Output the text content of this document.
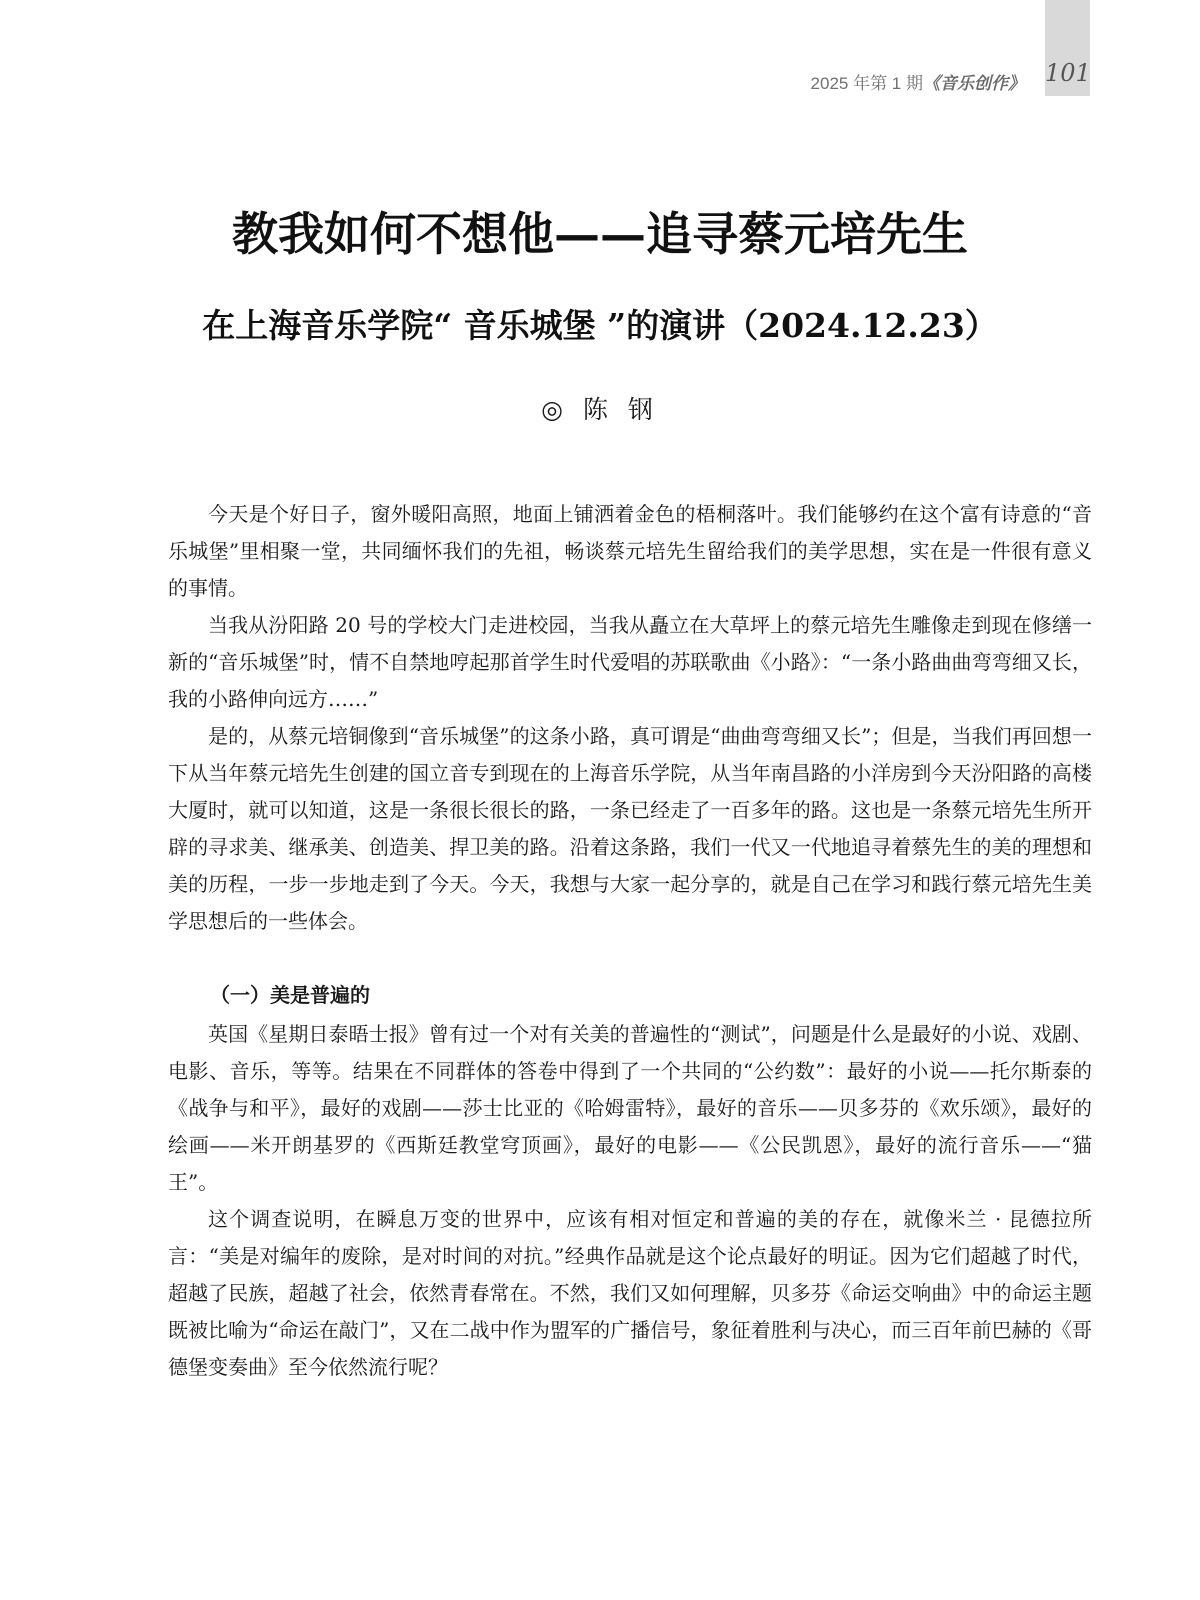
101
2025 年第 1 期《音乐创作》
教我如何不想他——追寻蔡元培先生
在上海音乐学院“ 音乐城堡 ”的演讲（2024.12.23）
◎ 陈 钢

今天是个好日子，窗外暖阳高照，地面上铺洒着金色的梧桐落叶。我们能够约在这个富有诗意的“音乐城堡”里相聚一堂，共同缅怀我们的先祖，畅谈蔡元培先生留给我们的美学思想，实在是一件很有意义的事情。

当我从汾阳路 20 号的学校大门走进校园，当我从矗立在大草坪上的蔡元培先生雕像走到现在修缮一新的“音乐城堡”时，情不自禁地哼起那首学生时代爱唱的苏联歌曲《小路》：“一条小路曲曲弯弯细又长，我的小路伸向远方……”

是的，从蔡元培铜像到“音乐城堡”的这条小路，真可谓是“曲曲弯弯细又长”；但是，当我们再回想一下从当年蔡元培先生创建的国立音专到现在的上海音乐学院，从当年南昌路的小洋房到今天汾阳路的高楼大厦时，就可以知道，这是一条很长很长的路，一条已经走了一百多年的路。这也是一条蔡元培先生所开辟的寻求美、继承美、创造美、捍卫美的路。沿着这条路，我们一代又一代地追寻着蔡先生的美的理想和美的历程，一步一步地走到了今天。今天，我想与大家一起分享的，就是自己在学习和践行蔡元培先生美学思想后的一些体会。

（一）美是普遍的

英国《星期日泰晤士报》曾有过一个对有关美的普遍性的“测试”，问题是什么是最好的小说、戏剧、电影、音乐，等等。结果在不同群体的答卷中得到了一个共同的“公约数”：最好的小说——托尔斯泰的《战争与和平》，最好的戏剧——莎士比亚的《哈姆雷特》，最好的音乐——贝多芬的《欢乐颂》，最好的绘画——米开朗基罗的《西斯廷教堂穹顶画》，最好的电影——《公民凯恩》，最好的流行音乐——“猫王”。

这个调查说明，在瞬息万变的世界中，应该有相对恒定和普遍的美的存在，就像米兰 · 昆德拉所言：“美是对编年的废除，是对时间的对抗。”经典作品就是这个论点最好的明证。因为它们超越了时代，超越了民族，超越了社会，依然青春常在。不然，我们又如何理解，贝多芬《命运交响曲》中的命运主题既被比喻为“命运在敲门”，又在二战中作为盟军的广播信号，象征着胜利与决心，而三百年前巴赫的《哥德堡变奏曲》至今依然流行呢？
